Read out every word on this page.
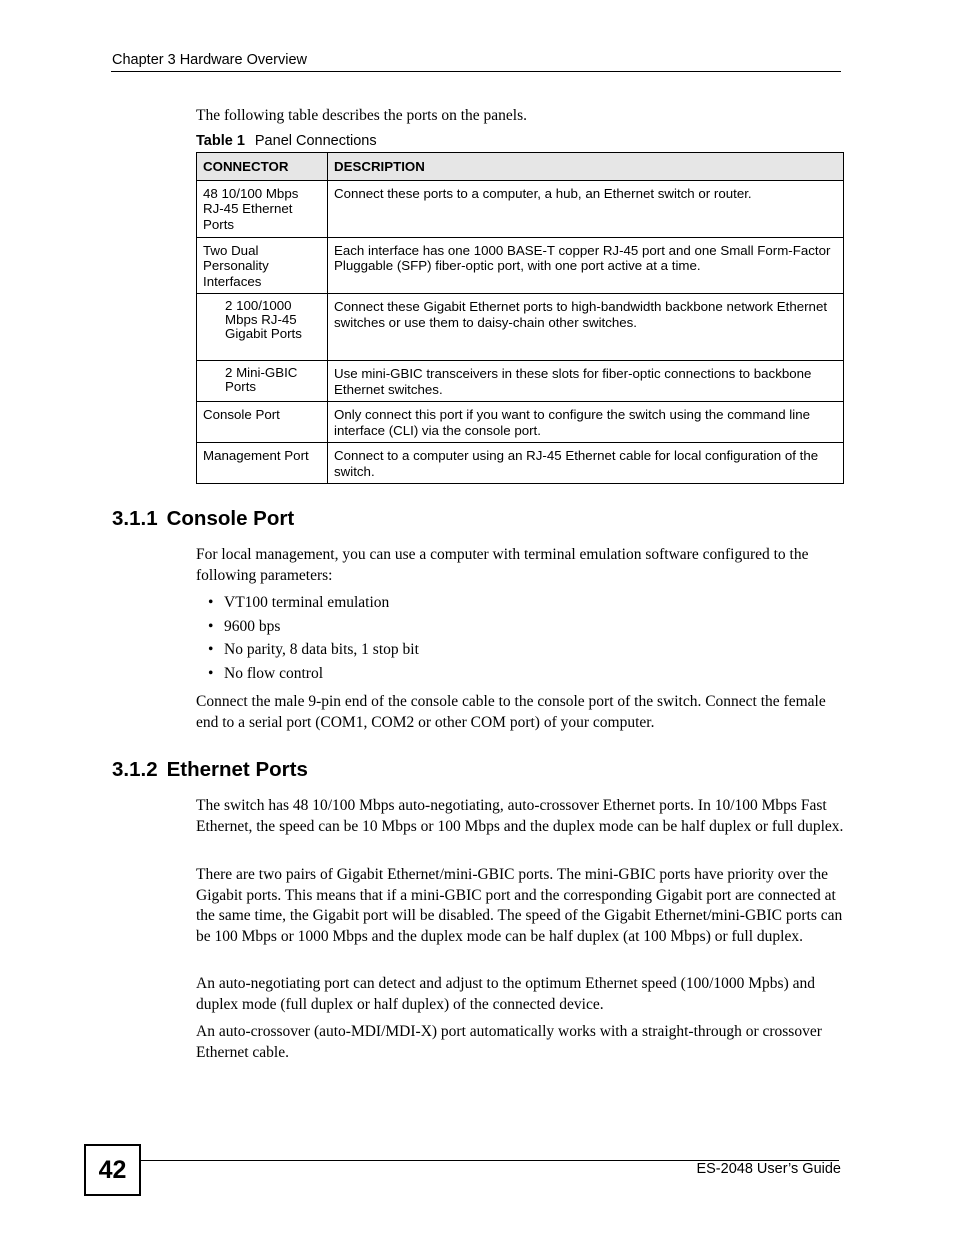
Chapter 3 Hardware Overview
The following table describes the ports on the panels.
Table 1 Panel Connections
CONNECTOR	DESCRIPTION
48 10/100 Mbps RJ-45 Ethernet Ports	Connect these ports to a computer, a hub, an Ethernet switch or router.
Two Dual Personality Interfaces	Each interface has one 1000 BASE-T copper RJ-45 port and one Small Form-Factor Pluggable (SFP) fiber-optic port, with one port active at a time.
2 100/1000 Mbps RJ-45 Gigabit Ports	Connect these Gigabit Ethernet ports to high-bandwidth backbone network Ethernet switches or use them to daisy-chain other switches.
2 Mini-GBIC Ports	Use mini-GBIC transceivers in these slots for fiber-optic connections to backbone Ethernet switches.
Console Port	Only connect this port if you want to configure the switch using the command line interface (CLI) via the console port.
Management Port	Connect to a computer using an RJ-45 Ethernet cable for local configuration of the switch.
3.1.1 Console Port

For local management, you can use a computer with terminal emulation software configured to the following parameters:

• VT100 terminal emulation
• 9600 bps
• No parity, 8 data bits, 1 stop bit
• No flow control

Connect the male 9-pin end of the console cable to the console port of the switch. Connect the female end to a serial port (COM1, COM2 or other COM port) of your computer.

3.1.2 Ethernet Ports

The switch has 48 10/100 Mbps auto-negotiating, auto-crossover Ethernet ports. In 10/100 Mbps Fast Ethernet, the speed can be 10 Mbps or 100 Mbps and the duplex mode can be half duplex or full duplex.

There are two pairs of Gigabit Ethernet/mini-GBIC ports. The mini-GBIC ports have priority over the Gigabit ports. This means that if a mini-GBIC port and the corresponding Gigabit port are connected at the same time, the Gigabit port will be disabled. The speed of the Gigabit Ethernet/mini-GBIC ports can be 100 Mbps or 1000 Mbps and the duplex mode can be half duplex (at 100 Mbps) or full duplex.

An auto-negotiating port can detect and adjust to the optimum Ethernet speed (100/1000 Mpbs) and duplex mode (full duplex or half duplex) of the connected device.

An auto-crossover (auto-MDI/MDI-X) port automatically works with a straight-through or crossover Ethernet cable.

42	ES-2048 User’s Guide
